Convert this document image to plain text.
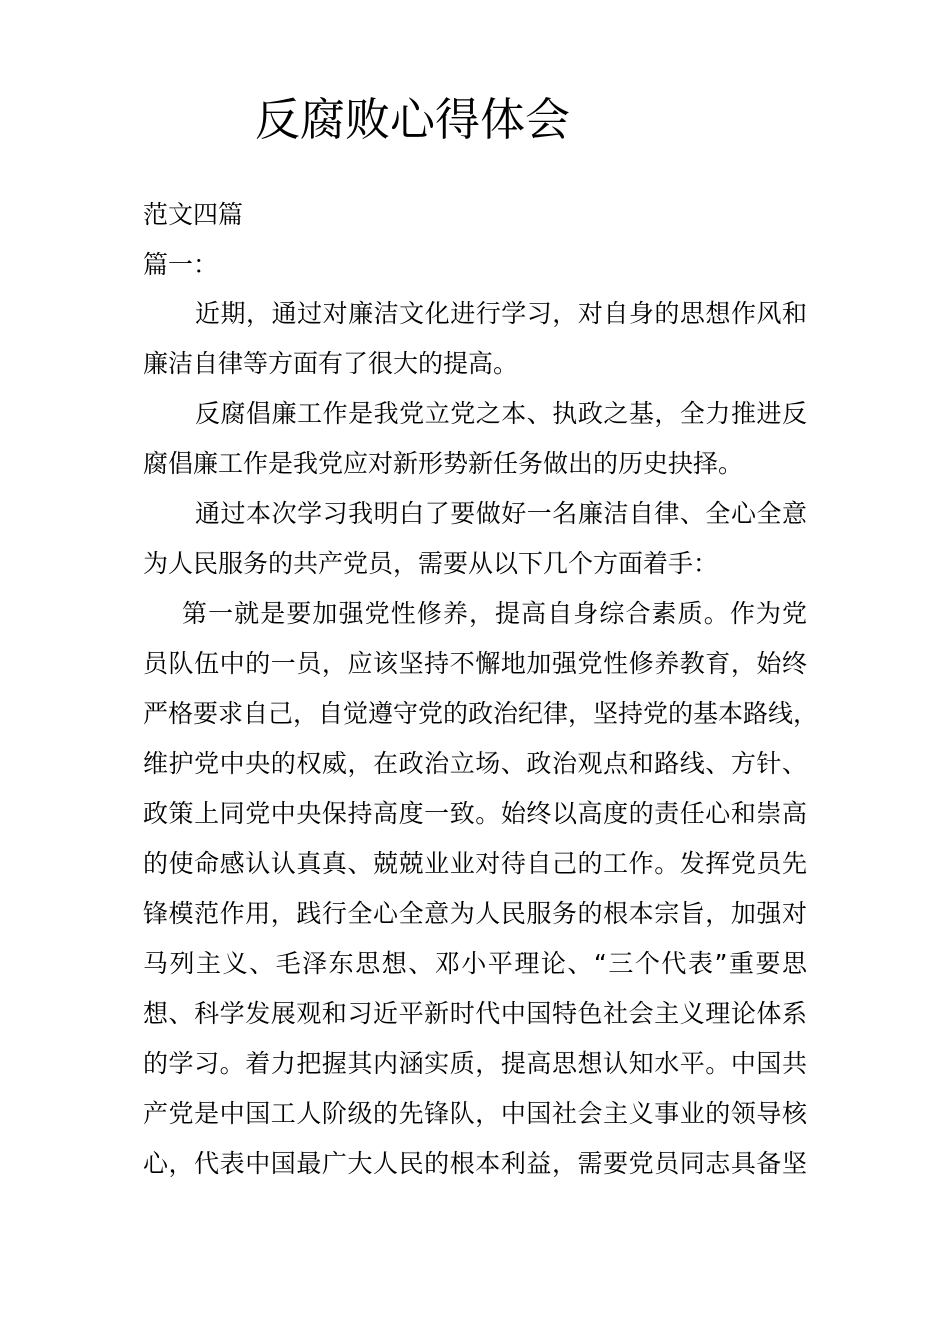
反腐败心得体会
范文四篇
篇一：
近期，通过对廉洁文化进行学习，对自身的思想作风和
廉洁自律等方面有了很大的提高。
反腐倡廉工作是我党立党之本、执政之基，全力推进反
腐倡廉工作是我党应对新形势新任务做出的历史抉择。
通过本次学习我明白了要做好一名廉洁自律、全心全意
为人民服务的共产党员，需要从以下几个方面着手：
第一就是要加强党性修养，提高自身综合素质。作为党
员队伍中的一员，应该坚持不懈地加强党性修养教育，始终
严格要求自己，自觉遵守党的政治纪律，坚持党的基本路线，
维护党中央的权威，在政治立场、政治观点和路线、方针、
政策上同党中央保持高度一致。始终以高度的责任心和崇高
的使命感认认真真、兢兢业业对待自己的工作。发挥党员先
锋模范作用，践行全心全意为人民服务的根本宗旨，加强对
马列主义、毛泽东思想、邓小平理论、“三个代表”重要思
想、科学发展观和习近平新时代中国特色社会主义理论体系
的学习。着力把握其内涵实质，提高思想认知水平。中国共
产党是中国工人阶级的先锋队，中国社会主义事业的领导核
心，代表中国最广大人民的根本利益，需要党员同志具备坚
